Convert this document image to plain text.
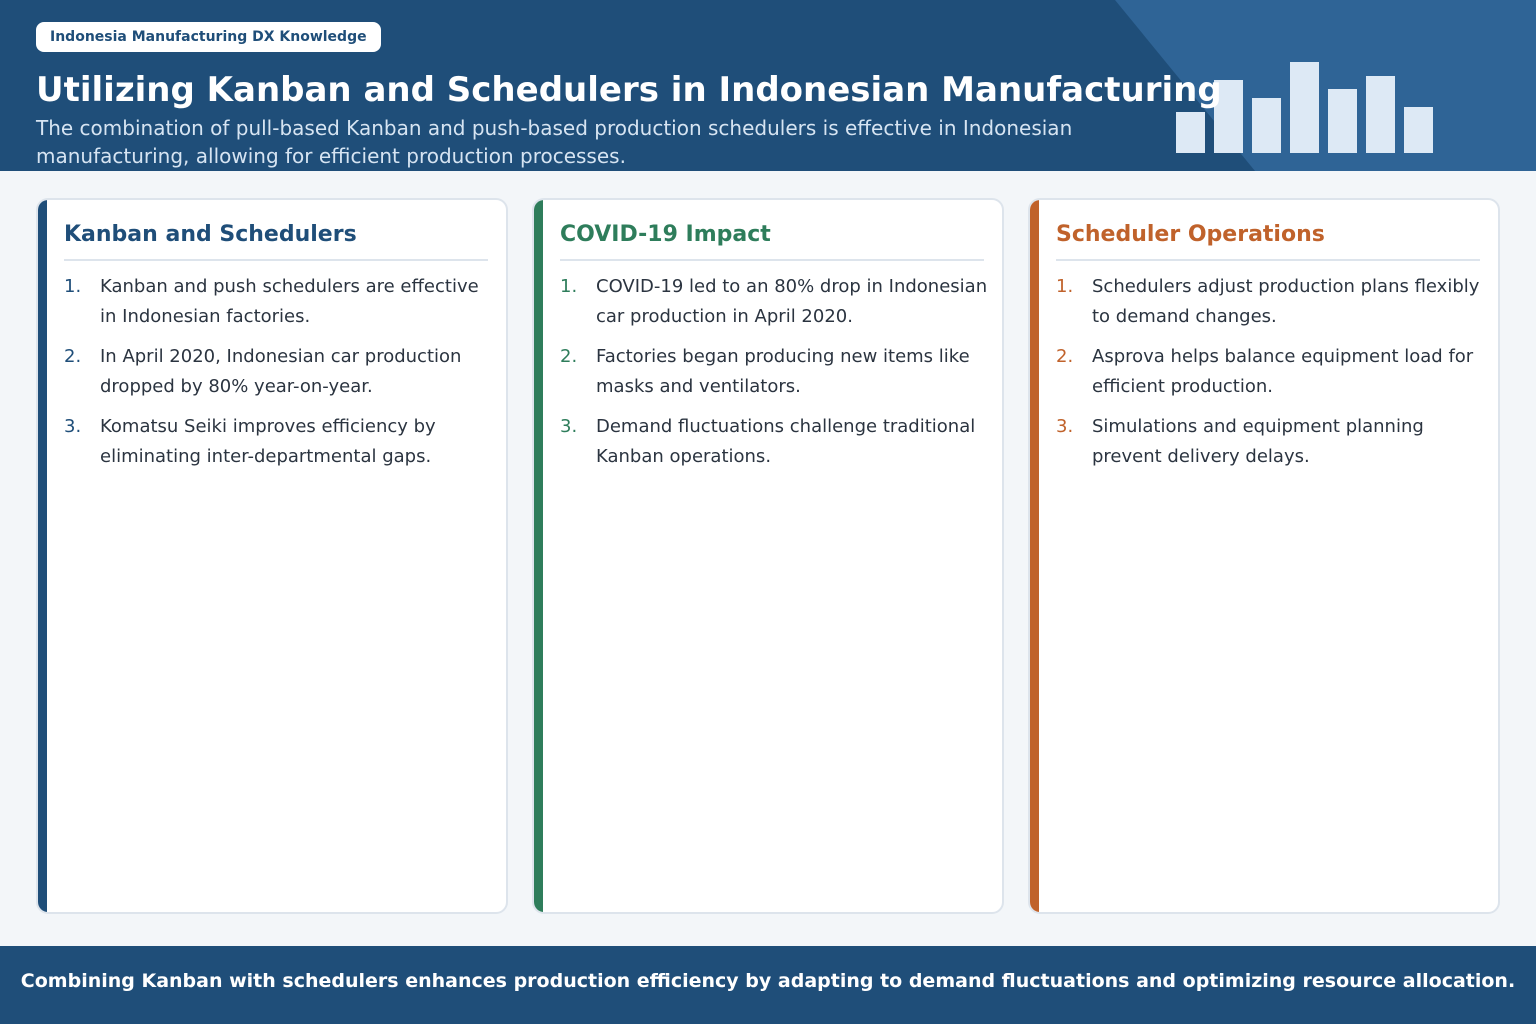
Indonesia Manufacturing DX Knowledge
Utilizing Kanban and Schedulers in Indonesian Manufacturing

The combination of pull-based Kanban and push-based production schedulers is effective in Indonesian manufacturing, allowing for efficient production processes.

Kanban and Schedulers
1. Kanban and push schedulers are effective in Indonesian factories.
2. In April 2020, Indonesian car production dropped by 80% year-on-year.
3. Komatsu Seiki improves efficiency by eliminating inter-departmental gaps.
COVID-19 Impact
1. COVID-19 led to an 80% drop in Indonesian car production in April 2020.
2. Factories began producing new items like masks and ventilators.
3. Demand fluctuations challenge traditional Kanban operations.
Scheduler Operations
1. Schedulers adjust production plans flexibly to demand changes.
2. Asprova helps balance equipment load for efficient production.
3. Simulations and equipment planning prevent delivery delays.

Combining Kanban with schedulers enhances production efficiency by adapting to demand fluctuations and optimizing resource allocation.
